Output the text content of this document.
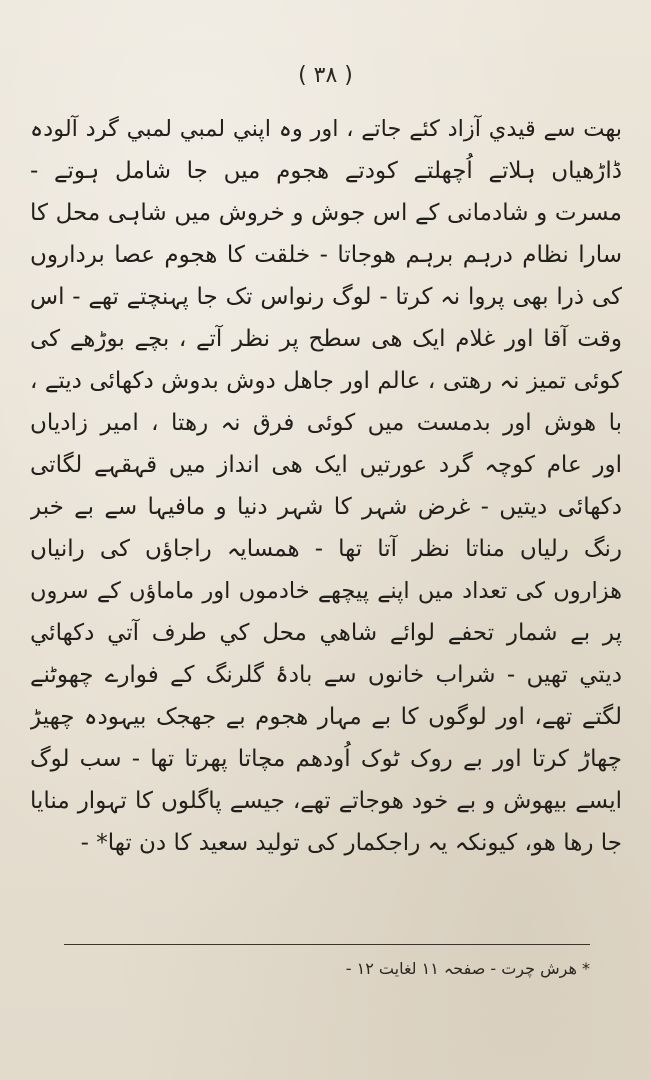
( ۳۸ )
بهت سے قیدي آزاد کئے جاتے ، اور وہ اپني لمبي لمبي گرد آلودہ
ڈاڑھیاں ہلاتے اُچھلتے کودتے ھجوم میں جا شامل ہوتے -
مسرت و شادمانی کے اس جوش و خروش میں شاہی محل کا
سارا نظام درہم برہم ھوجاتا - خلقت کا ھجوم عصا برداروں
کی ذرا بھی پروا نہ کرتا - لوگ رنواس تک جا پہنچتے تھے - اس
وقت آقا اور غلام ایک ھی سطح پر نظر آتے ، بچے بوڑھے کی
کوئی تمیز نہ رھتی ، عالم اور جاھل دوش بدوش دکھائی دیتے ،
با ھوش اور بدمست میں کوئی فرق نہ رھتا ، امیر زادیاں
اور عام کوچہ گرد عورتیں ایک ھی انداز میں قہقہے لگاتی
دکھائی دیتیں - غرض شہر کا شہر دنیا و مافیہا سے بے خبر
رنگ رلیاں مناتا نظر آتا تھا - ھمسایہ راجاؤں کی رانیاں
ھزاروں کی تعداد میں اپنے پیچھے خادموں اور ماماؤں کے سروں
پر بے شمار تحفے لوائے شاھي محل کي طرف آتي دکھائي
دیتي تھیں - شراب خانوں سے بادۂ گلرنگ کے فوارے چھوٹنے
لگتے تھے، اور لوگوں کا بے مہار ھجوم بے جھجک بیہودہ چھیڑ
چھاڑ کرتا اور بے روک ٹوک اُودھم مچاتا پھرتا تھا - سب لوگ
ایسے بیھوش و بے خود ھوجاتے تھے، جیسے پاگلوں کا تہوار منایا
جا رھا ھو، کیونکہ یہ راجکمار کی تولید سعید کا دن تھا* -
* ھرش چرت - صفحہ ۱۱ لغایت ۱۲ -
